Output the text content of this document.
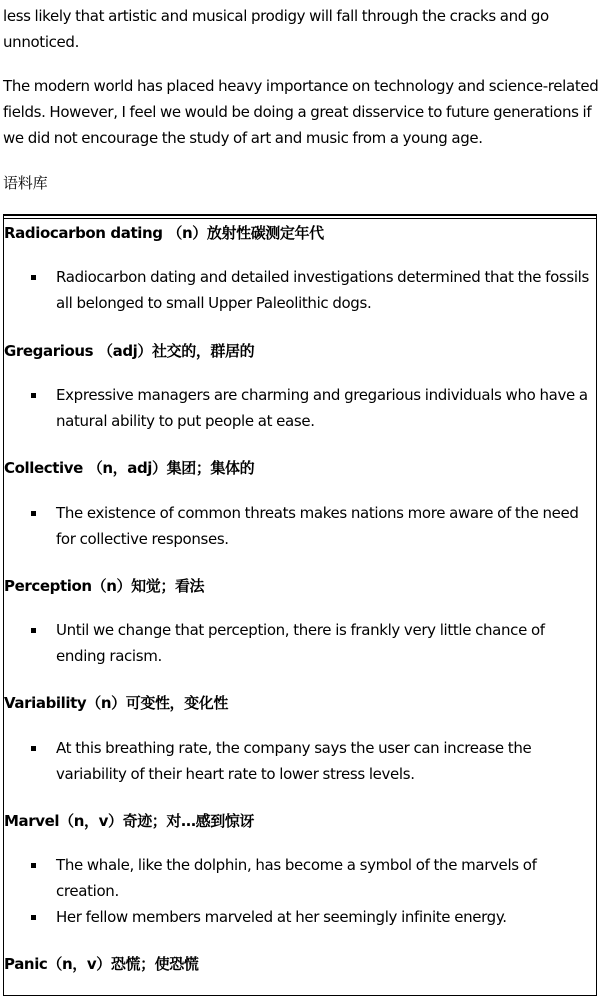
less likely that artistic and musical prodigy will fall through the cracks and go unnoticed.

The modern world has placed heavy importance on technology and science-related fields. However, I feel we would be doing a great disservice to future generations if we did not encourage the study of art and music from a young age.

语料库
Radiocarbon dating （n）放射性碳测定年代
Radiocarbon dating and detailed investigations determined that the fossils all belonged to small Upper Paleolithic dogs.
Gregarious （adj）社交的，群居的
Expressive managers are charming and gregarious individuals who have a natural ability to put people at ease.
Collective （n，adj）集团；集体的
The existence of common threats makes nations more aware of the need for collective responses.
Perception（n）知觉；看法
Until we change that perception, there is frankly very little chance of ending racism.
Variability（n）可变性，变化性
At this breathing rate, the company says the user can increase the variability of their heart rate to lower stress levels.
Marvel（n，v）奇迹；对…感到惊讶
The whale, like the dolphin, has become a symbol of the marvels of creation.
Her fellow members marveled at her seemingly infinite energy.
Panic（n，v）恐慌；使恐慌
